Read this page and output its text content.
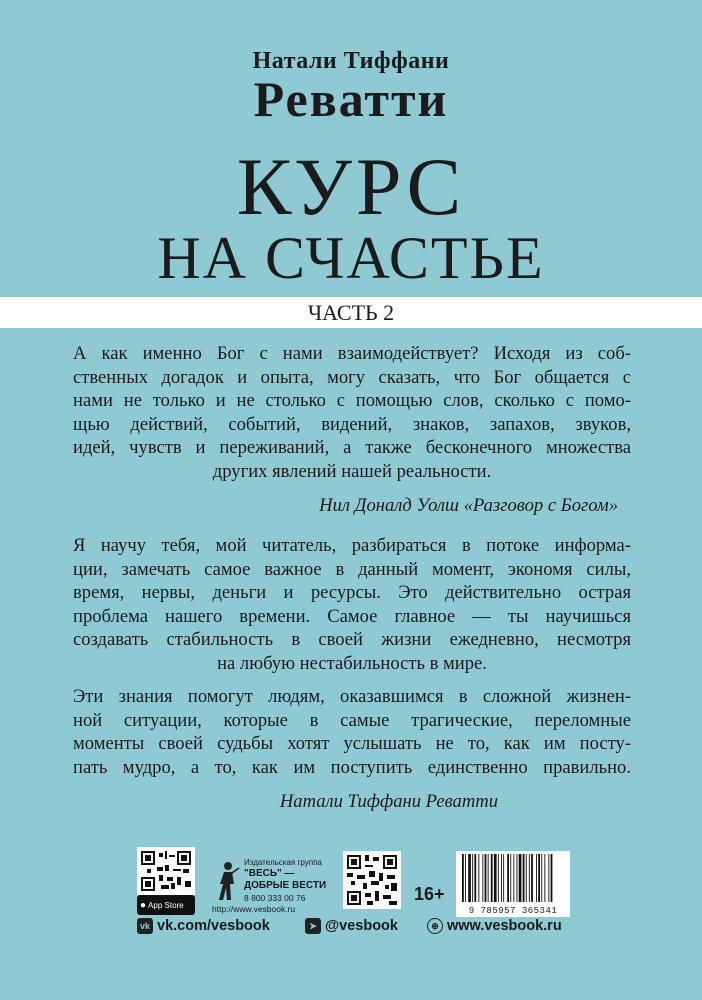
Натали Тиффани
Реватти
КУРС
НА СЧАСТЬЕ
ЧАСТЬ 2
А как именно Бог с нами взаимодействует? Исходя из соб-
ственных догадок и опыта, могу сказать, что Бог общается с
нами не только и не столько с помощью слов, сколько с помо-
щью действий, событий, видений, знаков, запахов, звуков,
идей, чувств и переживаний, а также бесконечного множества
других явлений нашей реальности.
Нил Доналд Уолш «Разговор с Богом»
Я научу тебя, мой читатель, разбираться в потоке информа-
ции, замечать самое важное в данный момент, экономя силы,
время, нервы, деньги и ресурсы. Это действительно острая
проблема нашего времени. Самое главное — ты научишься
создавать стабильность в своей жизни ежедневно, несмотря
на любую нестабильность в мире.
Эти знания помогут людям, оказавшимся в сложной жизнен-
ной ситуации, которые в самые трагические, переломные
моменты своей судьбы хотят услышать не то, как им посту-
пать мудро, а то, как им поступить единственно правильно.
Натали Тиффани Реватти
● App Store
Издательская группа
"ВЕСЬ" —
ДОБРЫЕ ВЕСТИ
8 800 333 00 76
http://www.vesbook.ru
16+
9 785957 365341
vk vk.com/vesbook	➤ @vesbook	⊕ www.vesbook.ru
